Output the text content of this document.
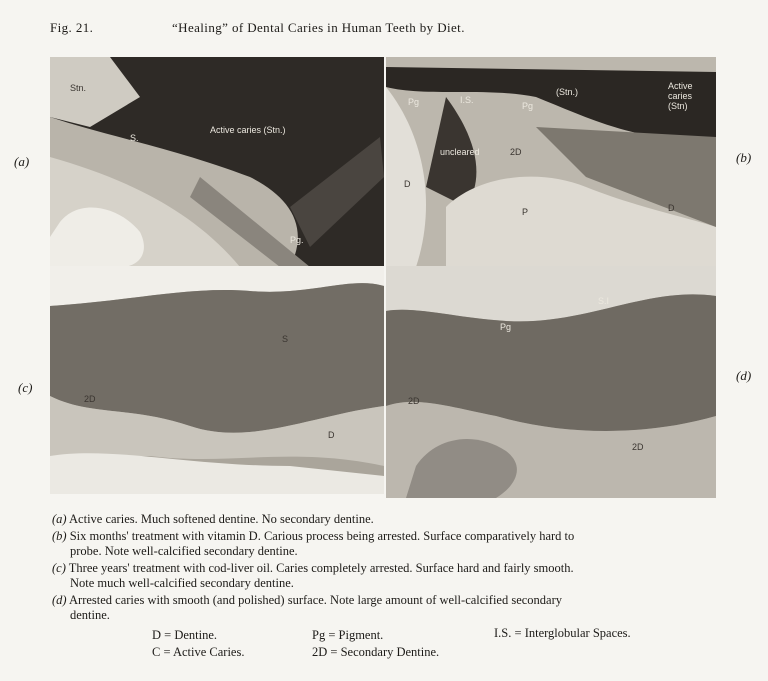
Fig. 21.	“Healing” of Dental Caries in Human Teeth by Diet.
Stn.
S.
Active caries (Stn.)
Pg.
Pg	I.S.
Pg
(Stn.)
Active caries (Stn)
uncleared	2D
D
P	D
S
2D
D
Pg
S.I
2D
2D
(a)	(b)
(c)
(d)
(a) Active caries. Much softened dentine. No secondary dentine.
(b) Six months' treatment with vitamin D. Carious process being arrested. Surface comparatively hard to
probe. Note well-calcified secondary dentine.
(c) Three years' treatment with cod-liver oil. Caries completely arrested. Surface hard and fairly smooth.
Note much well-calcified secondary dentine.
(d) Arrested caries with smooth (and polished) surface. Note large amount of well-calcified secondary
dentine.
D = Dentine.	Pg = Pigment.	I.S. = Interglobular Spaces.
C = Active Caries.	2D = Secondary Dentine.
